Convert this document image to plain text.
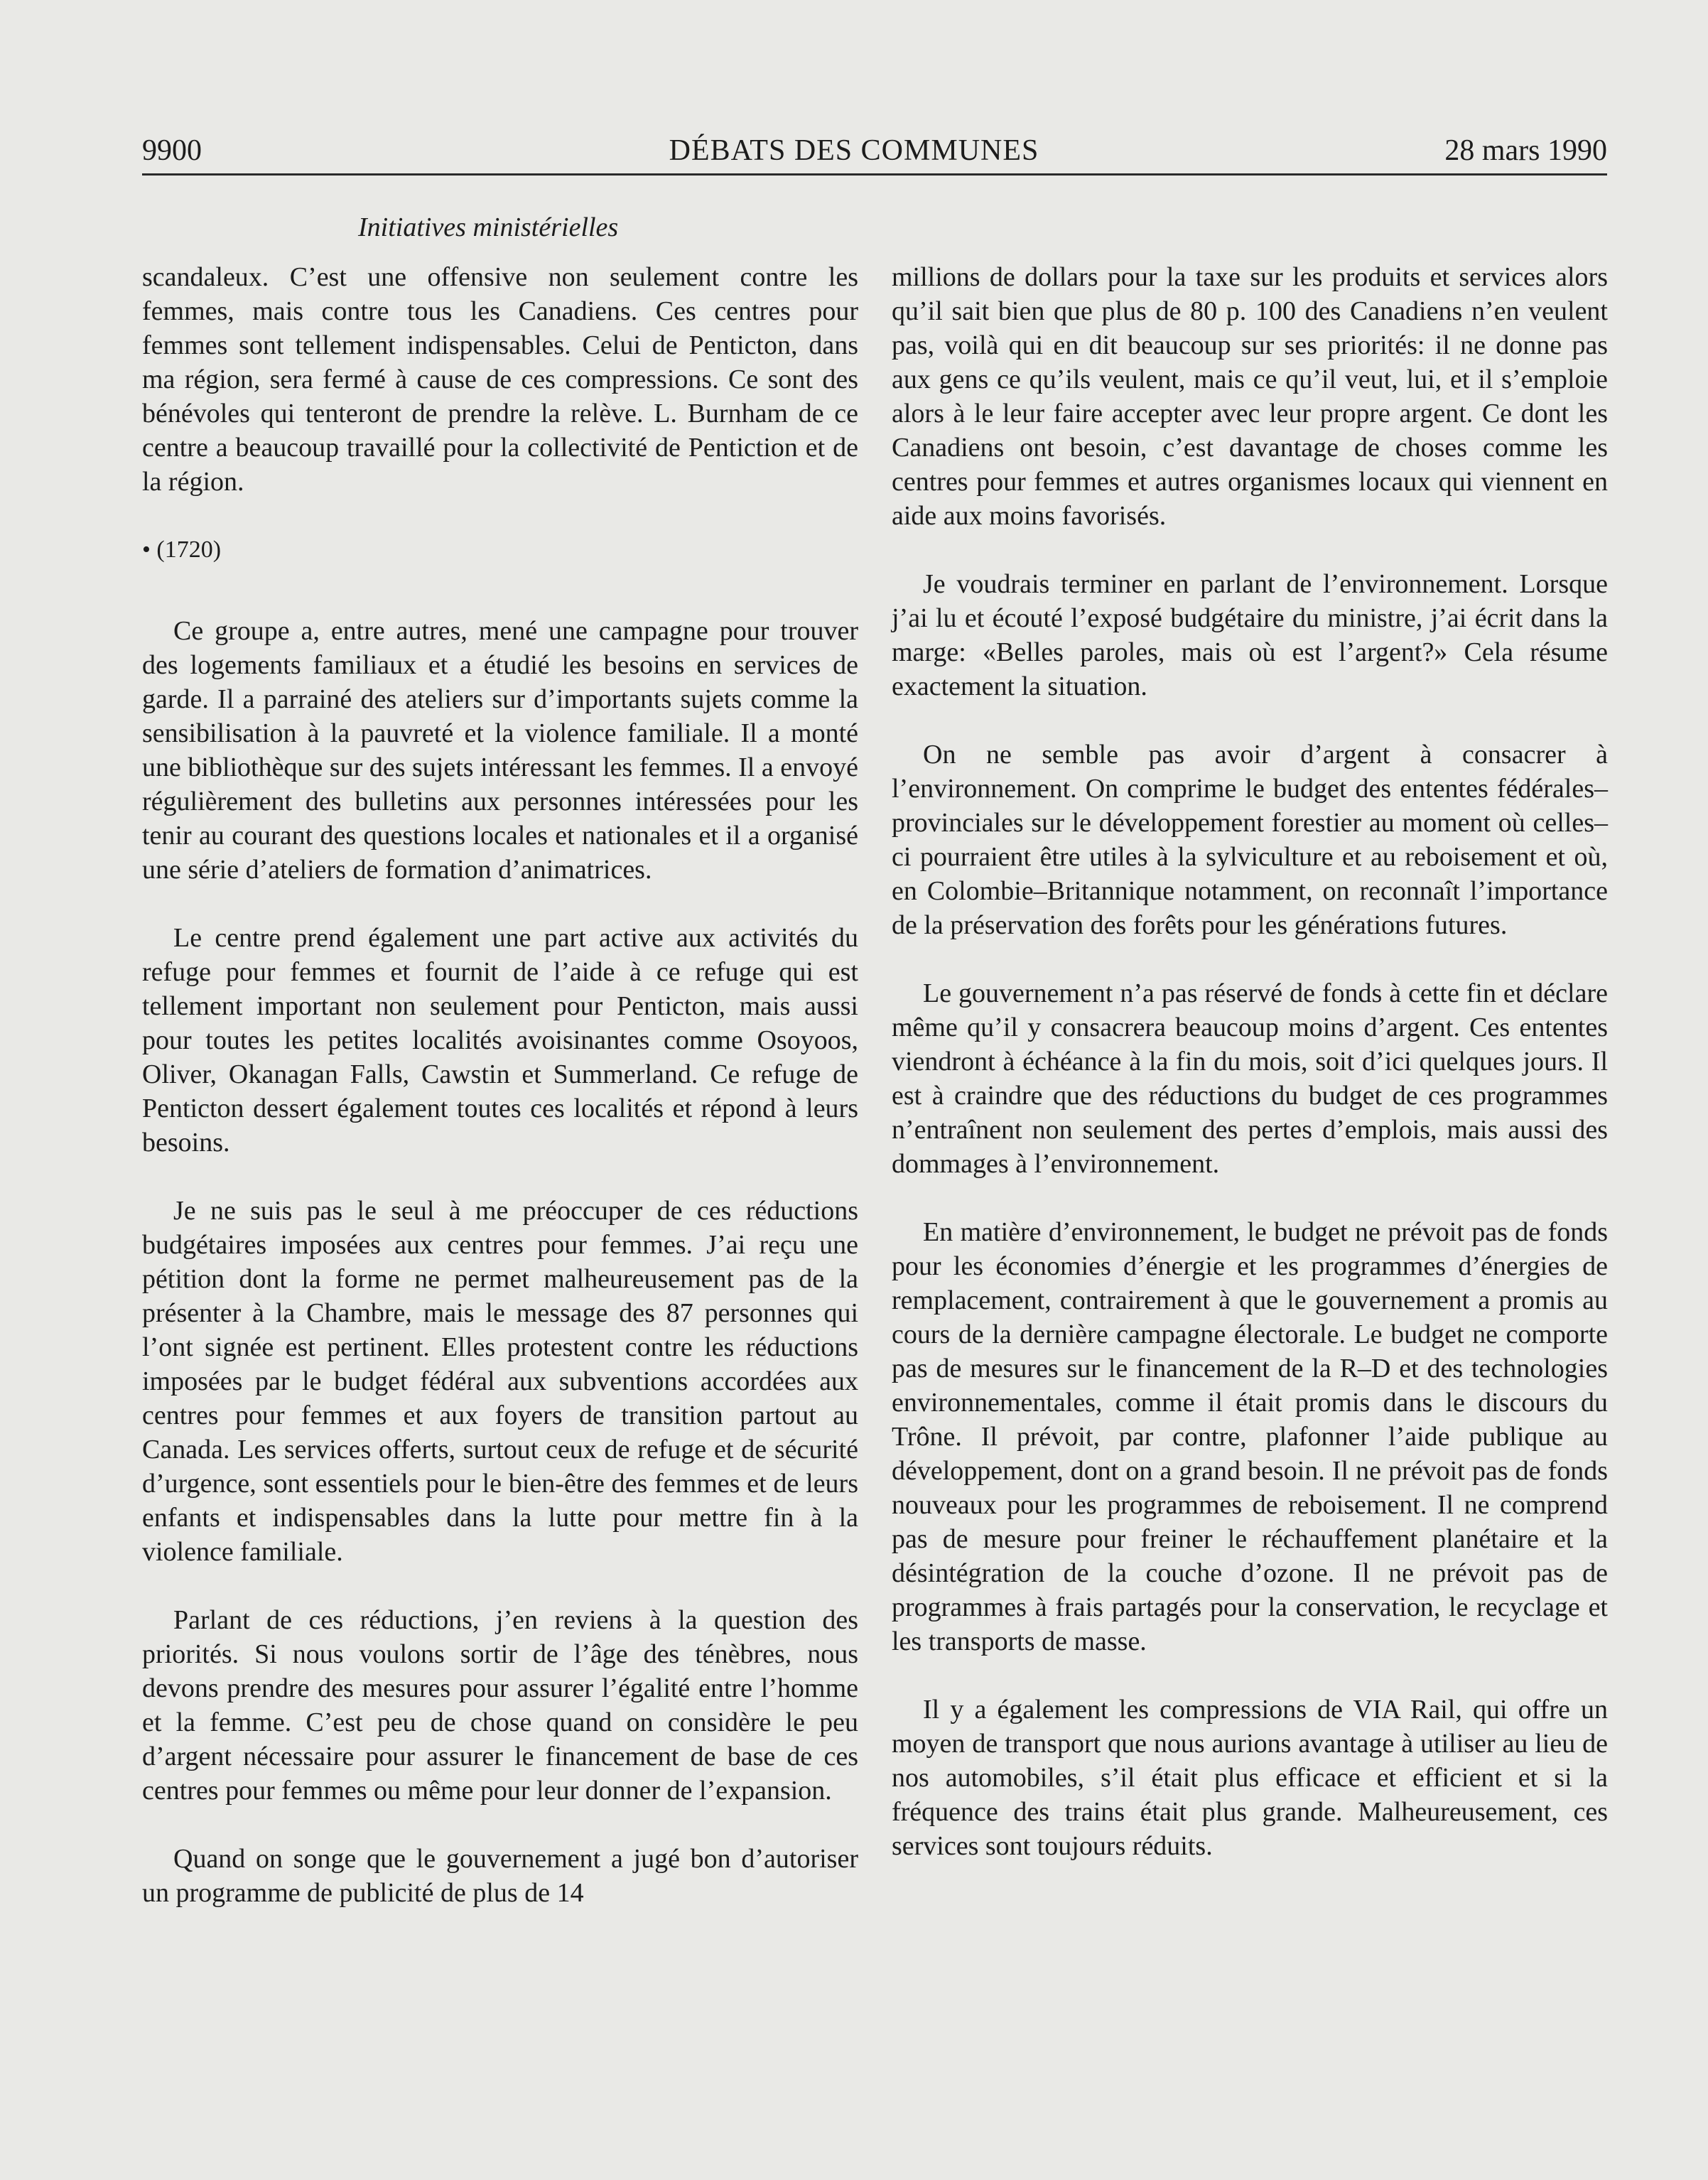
DÉBATS DES COMMUNES
9900	28 mars 1990
Initiatives ministérielles

scandaleux. C’est une offensive non seulement contre les femmes, mais contre tous les Canadiens. Ces centres pour femmes sont tellement indispensables. Celui de Penticton, dans ma région, sera fermé à cause de ces compressions. Ce sont des bénévoles qui tenteront de prendre la relève. L. Burnham de ce centre a beaucoup travaillé pour la collectivité de Pentiction et de la région.

• (1720)

Ce groupe a, entre autres, mené une campagne pour trouver des logements familiaux et a étudié les besoins en services de garde. Il a parrainé des ateliers sur d’importants sujets comme la sensibilisation à la pauvreté et la violence familiale. Il a monté une bibliothèque sur des sujets intéressant les femmes. Il a envoyé régulièrement des bulletins aux personnes intéressées pour les tenir au courant des questions locales et nationales et il a organisé une série d’ateliers de formation d’animatrices.

Le centre prend également une part active aux activités du refuge pour femmes et fournit de l’aide à ce refuge qui est tellement important non seulement pour Penticton, mais aussi pour toutes les petites localités avoisinantes comme Osoyoos, Oliver, Okanagan Falls, Cawstin et Summerland. Ce refuge de Penticton dessert également toutes ces localités et répond à leurs besoins.

Je ne suis pas le seul à me préoccuper de ces réductions budgétaires imposées aux centres pour femmes. J’ai reçu une pétition dont la forme ne permet malheureusement pas de la présenter à la Chambre, mais le message des 87 personnes qui l’ont signée est pertinent. Elles protestent contre les réductions imposées par le budget fédéral aux subventions accordées aux centres pour femmes et aux foyers de transition partout au Canada. Les services offerts, surtout ceux de refuge et de sécurité d’urgence, sont essentiels pour le bien-être des femmes et de leurs enfants et indispensables dans la lutte pour mettre fin à la violence familiale.

Parlant de ces réductions, j’en reviens à la question des priorités. Si nous voulons sortir de l’âge des ténèbres, nous devons prendre des mesures pour assurer l’égalité entre l’homme et la femme. C’est peu de chose quand on considère le peu d’argent nécessaire pour assurer le financement de base de ces centres pour femmes ou même pour leur donner de l’expansion.

Quand on songe que le gouvernement a jugé bon d’autoriser un programme de publicité de plus de 14

millions de dollars pour la taxe sur les produits et services alors qu’il sait bien que plus de 80 p. 100 des Canadiens n’en veulent pas, voilà qui en dit beaucoup sur ses priorités: il ne donne pas aux gens ce qu’ils veulent, mais ce qu’il veut, lui, et il s’emploie alors à le leur faire accepter avec leur propre argent. Ce dont les Canadiens ont besoin, c’est davantage de choses comme les centres pour femmes et autres organismes locaux qui viennent en aide aux moins favorisés.

Je voudrais terminer en parlant de l’environnement. Lorsque j’ai lu et écouté l’exposé budgétaire du ministre, j’ai écrit dans la marge: «Belles paroles, mais où est l’argent?» Cela résume exactement la situation.

On ne semble pas avoir d’argent à consacrer à l’environnement. On comprime le budget des ententes fédérales–provinciales sur le développement forestier au moment où celles–ci pourraient être utiles à la sylviculture et au reboisement et où, en Colombie–Britannique notamment, on reconnaît l’importance de la préservation des forêts pour les générations futures.

Le gouvernement n’a pas réservé de fonds à cette fin et déclare même qu’il y consacrera beaucoup moins d’argent. Ces ententes viendront à échéance à la fin du mois, soit d’ici quelques jours. Il est à craindre que des réductions du budget de ces programmes n’entraînent non seulement des pertes d’emplois, mais aussi des dommages à l’environnement.

En matière d’environnement, le budget ne prévoit pas de fonds pour les économies d’énergie et les programmes d’énergies de remplacement, contrairement à que le gouvernement a promis au cours de la dernière campagne électorale. Le budget ne comporte pas de mesures sur le financement de la R–D et des technologies environnementales, comme il était promis dans le discours du Trône. Il prévoit, par contre, plafonner l’aide publique au développement, dont on a grand besoin. Il ne prévoit pas de fonds nouveaux pour les programmes de reboisement. Il ne comprend pas de mesure pour freiner le réchauffement planétaire et la désintégration de la couche d’ozone. Il ne prévoit pas de programmes à frais partagés pour la conservation, le recyclage et les transports de masse.

Il y a également les compressions de VIA Rail, qui offre un moyen de transport que nous aurions avantage à utiliser au lieu de nos automobiles, s’il était plus efficace et efficient et si la fréquence des trains était plus grande. Malheureusement, ces services sont toujours réduits.
